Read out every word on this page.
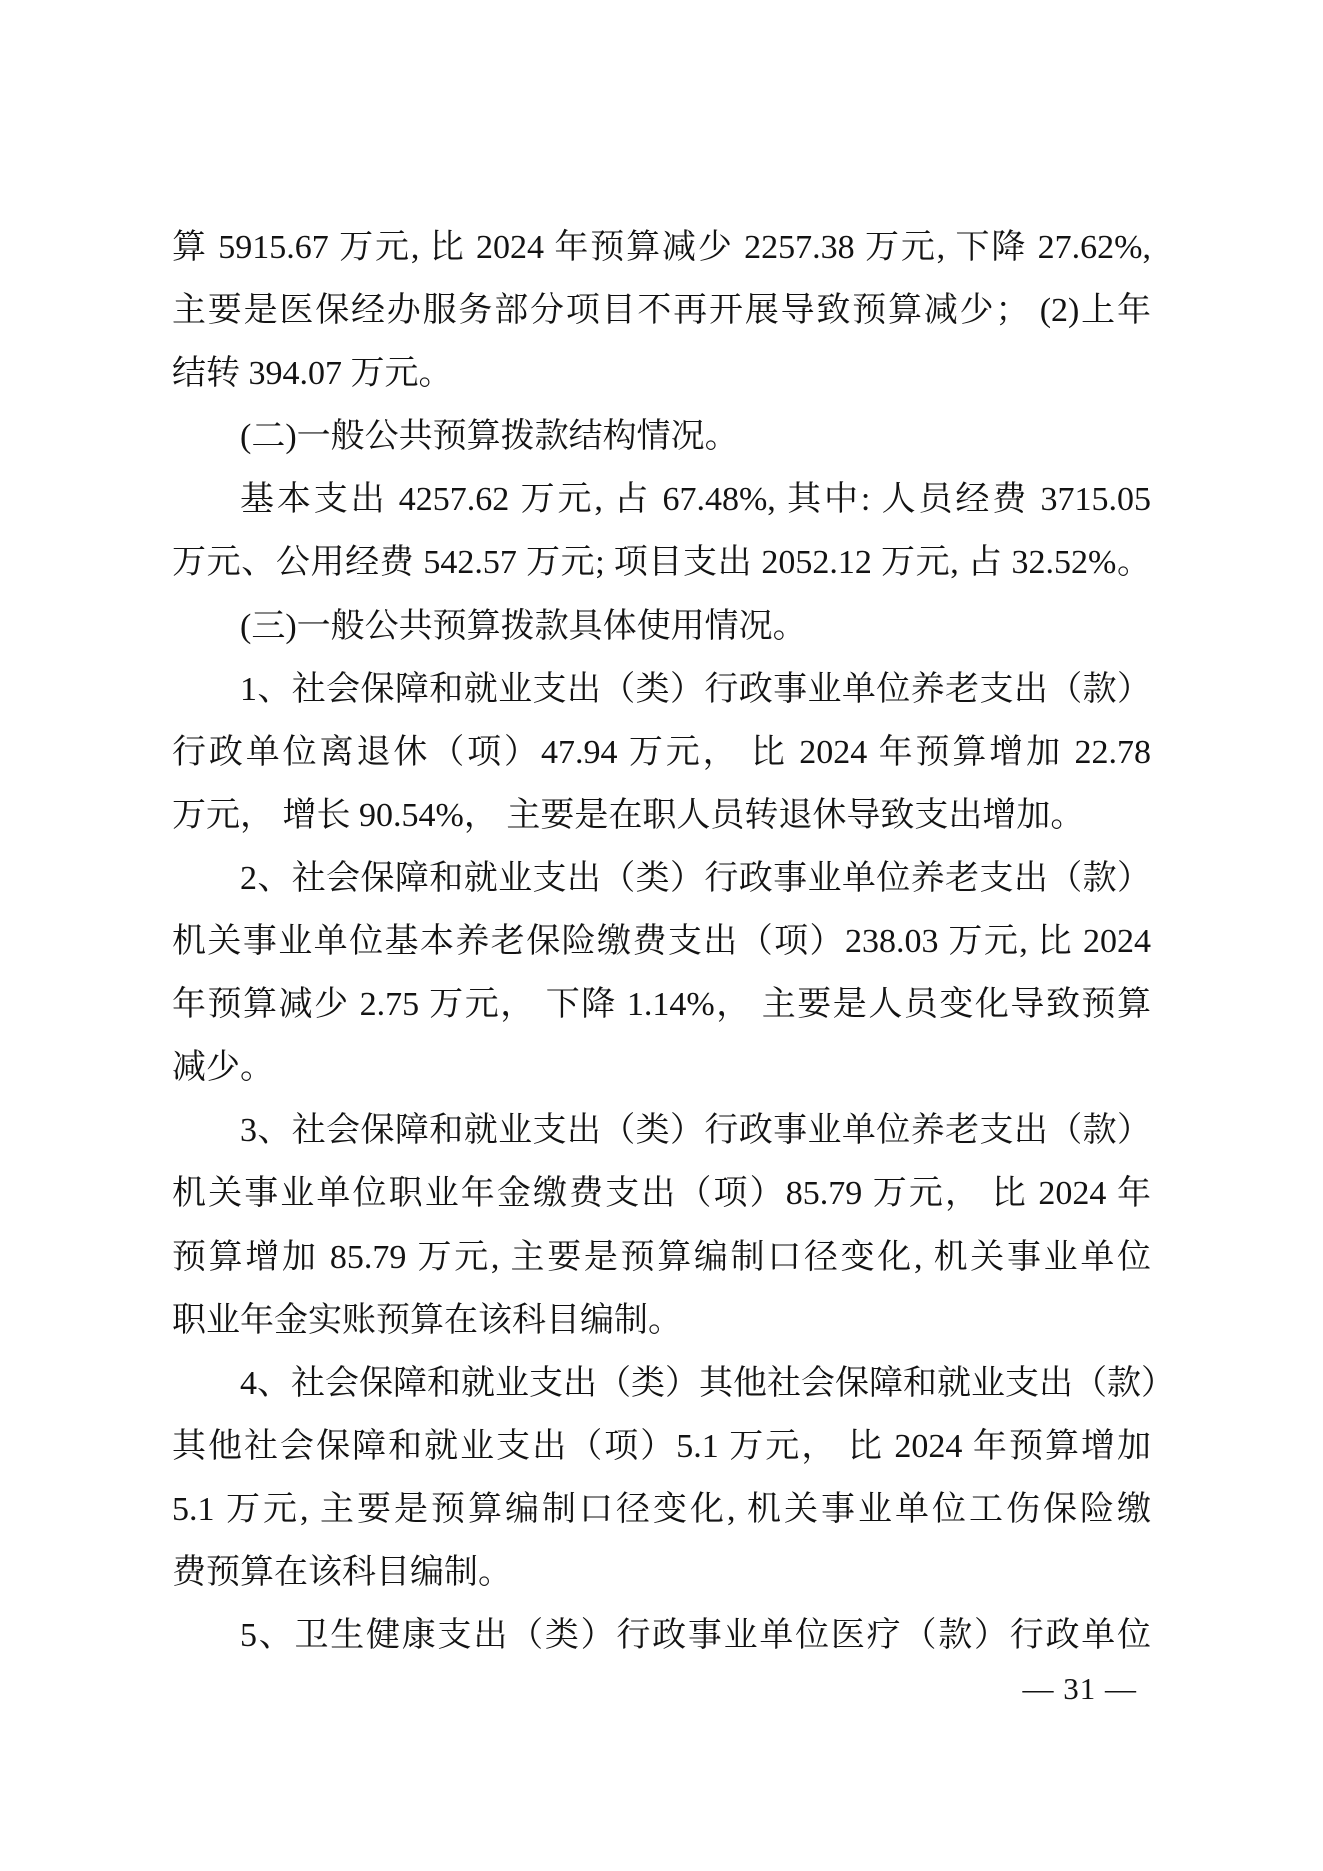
算 5915.67 万元, 比 2024 年预算减少 2257.38 万元, 下降 27.62%,
主要是医保经办服务部分项目不再开展导致预算减少； (2)上年
结转 394.07 万元。
(二)一般公共预算拨款结构情况。
基本支出 4257.62 万元, 占 67.48%, 其中: 人员经费 3715.05
万元、公用经费 542.57 万元; 项目支出 2052.12 万元, 占 32.52%。
(三)一般公共预算拨款具体使用情况。
1、社会保障和就业支出（类）行政事业单位养老支出（款）
行政单位离退休（项）47.94 万元， 比 2024 年预算增加 22.78
万元， 增长 90.54%， 主要是在职人员转退休导致支出增加。
2、社会保障和就业支出（类）行政事业单位养老支出（款）
机关事业单位基本养老保险缴费支出（项）238.03 万元, 比 2024
年预算减少 2.75 万元， 下降 1.14%， 主要是人员变化导致预算
减少。
3、社会保障和就业支出（类）行政事业单位养老支出（款）
机关事业单位职业年金缴费支出（项）85.79 万元， 比 2024 年
预算增加 85.79 万元, 主要是预算编制口径变化, 机关事业单位
职业年金实账预算在该科目编制。
4、社会保障和就业支出（类）其他社会保障和就业支出（款）
其他社会保障和就业支出（项）5.1 万元， 比 2024 年预算增加
5.1 万元, 主要是预算编制口径变化, 机关事业单位工伤保险缴
费预算在该科目编制。
5、卫生健康支出（类）行政事业单位医疗（款）行政单位
— 31 —
